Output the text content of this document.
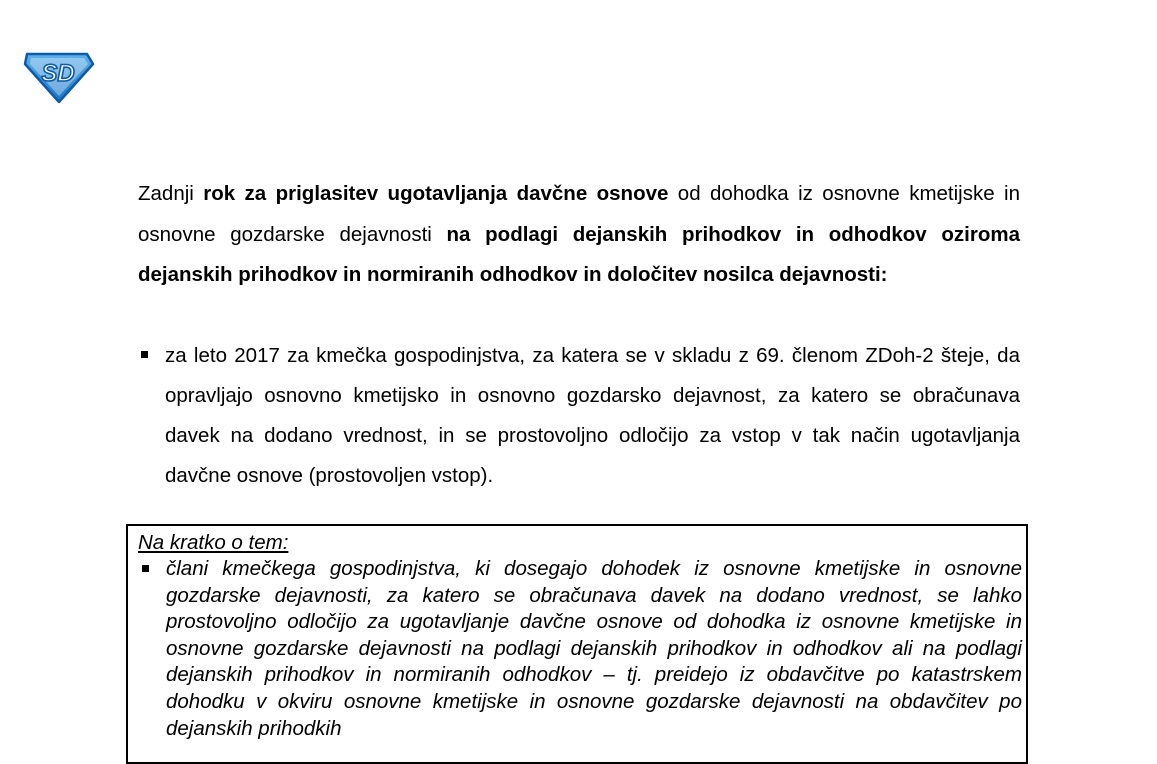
SD
Zadnji rok za priglasitev ugotavljanja davčne osnove od dohodka iz osnovne kmetijske in osnovne gozdarske dejavnosti na podlagi dejanskih prihodkov in odhodkov oziroma dejanskih prihodkov in normiranih odhodkov in določitev nosilca dejavnosti:
za leto 2017 za kmečka gospodinjstva, za katera se v skladu z 69. členom ZDoh-2 šteje, da opravljajo osnovno kmetijsko in osnovno gozdarsko dejavnost, za katero se obračunava davek na dodano vrednost, in se prostovoljno odločijo za vstop v tak način ugotavljanja davčne osnove (prostovoljen vstop).
Na kratko o tem:
člani kmečkega gospodinjstva, ki dosegajo dohodek iz osnovne kmetijske in osnovne gozdarske dejavnosti, za katero se obračunava davek na dodano vrednost, se lahko prostovoljno odločijo za ugotavljanje davčne osnove od dohodka iz osnovne kmetijske in osnovne gozdarske dejavnosti na podlagi dejanskih prihodkov in odhodkov ali na podlagi dejanskih prihodkov in normiranih odhodkov – tj. preidejo iz obdavčitve po katastrskem dohodku v okviru osnovne kmetijske in osnovne gozdarske dejavnosti na obdavčitev po dejanskih prihodkih
